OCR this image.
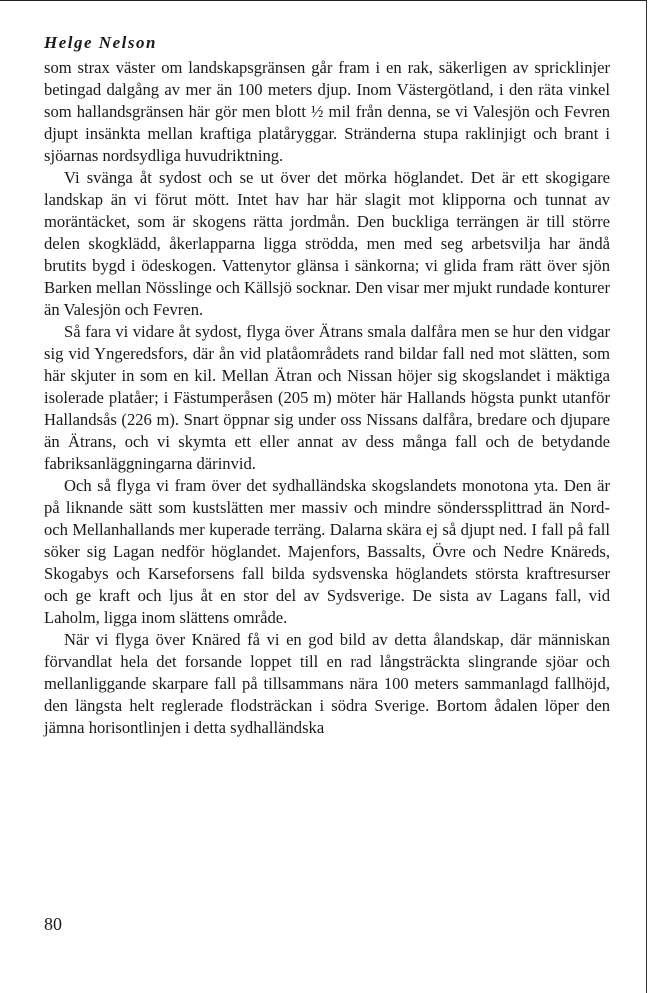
Helge Nelson

som strax väster om landskapsgränsen går fram i en rak, säkerligen av spricklinjer betingad dalgång av mer än 100 meters djup. Inom Västergötland, i den räta vinkel som hallandsgränsen här gör men blott ½ mil från denna, se vi Valesjön och Fevren djupt insänkta mellan kraftiga platåryggar. Stränderna stupa raklinjigt och brant i sjöarnas nordsydliga huvudriktning.

Vi svänga åt sydost och se ut över det mörka höglandet. Det är ett skogigare landskap än vi förut mött. Intet hav har här slagit mot klipporna och tunnat av moräntäcket, som är skogens rätta jordmån. Den buckliga terrängen är till större delen skogklädd, åkerlapparna ligga strödda, men med seg arbetsvilja har ändå brutits bygd i ödeskogen. Vattenytor glänsa i sänkorna; vi glida fram rätt över sjön Barken mellan Nösslinge och Källsjö socknar. Den visar mer mjukt rundade konturer än Valesjön och Fevren.

Så fara vi vidare åt sydost, flyga över Ätrans smala dalfåra men se hur den vidgar sig vid Yngeredsfors, där ån vid platåområdets rand bildar fall ned mot slätten, som här skjuter in som en kil. Mellan Ätran och Nissan höjer sig skogslandet i mäktiga isolerade platåer; i Fästumperåsen (205 m) möter här Hallands högsta punkt utanför Hallandsås (226 m). Snart öppnar sig under oss Nissans dalfåra, bredare och djupare än Ätrans, och vi skymta ett eller annat av dess många fall och de betydande fabriksanläggningarna därinvid.

Och så flyga vi fram över det sydhalländska skogslandets monotona yta. Den är på liknande sätt som kustslätten mer massiv och mindre sönderssplittrad än Nord- och Mellanhallands mer kuperade terräng. Dalarna skära ej så djupt ned. I fall på fall söker sig Lagan nedför höglandet. Majenfors, Bassalts, Övre och Nedre Knäreds, Skogabys och Karseforsens fall bilda sydsvenska höglandets största kraftresurser och ge kraft och ljus åt en stor del av Sydsverige. De sista av Lagans fall, vid Laholm, ligga inom slättens område.

När vi flyga över Knäred få vi en god bild av detta ålandskap, där människan förvandlat hela det forsande loppet till en rad långsträckta slingrande sjöar och mellanliggande skarpare fall på tillsammans nära 100 meters sammanlagd fallhöjd, den längsta helt reglerade flodsträckan i södra Sverige. Bortom ådalen löper den jämna horisontlinjen i detta sydhalländska

80
